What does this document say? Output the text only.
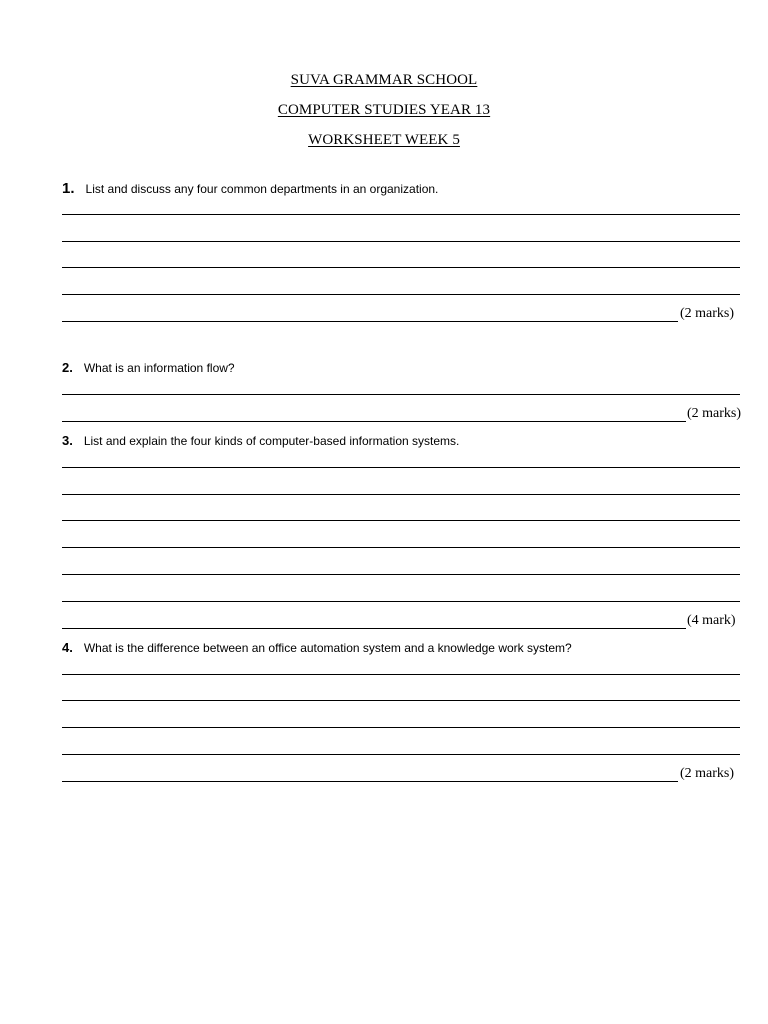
SUVA GRAMMAR SCHOOL
COMPUTER STUDIES YEAR 13
WORKSHEET WEEK 5
1. List and discuss any four common departments in an organization.
(2 marks)
2. What is an information flow?
(2 marks)
3. List and explain the four kinds of computer-based information systems.
(4 mark)
4. What is the difference between an office automation system and a knowledge work system?
(2 marks)
